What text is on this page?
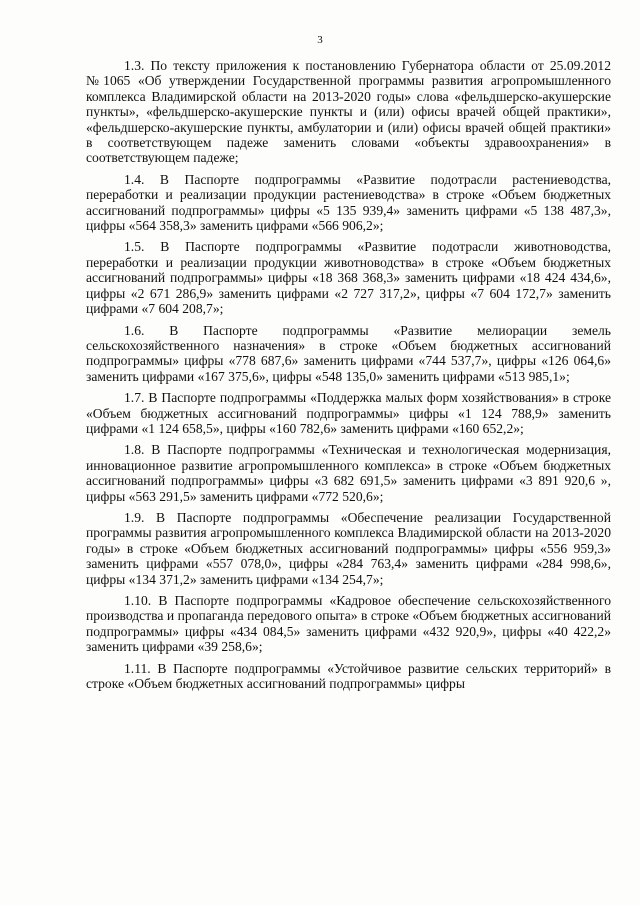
3

1.3. По тексту приложения к постановлению Губернатора области от 25.09.2012 №1065 «Об утверждении Государственной программы развития агропромышленного комплекса Владимирской области на 2013-2020 годы» слова «фельдшерско-акушерские пункты», «фельдшерско-акушерские пункты и (или) офисы врачей общей практики», «фельдшерско-акушерские пункты, амбулатории и (или) офисы врачей общей практики» в соответствующем падеже заменить словами «объекты здравоохранения» в соответствующем падеже;

1.4. В Паспорте подпрограммы «Развитие подотрасли растениеводства, переработки и реализации продукции растениеводства» в строке «Объем бюджетных ассигнований подпрограммы» цифры «5 135 939,4» заменить цифрами «5 138 487,3», цифры «564 358,3» заменить цифрами «566 906,2»;

1.5. В Паспорте подпрограммы «Развитие подотрасли животноводства, переработки и реализации продукции животноводства» в строке «Объем бюджетных ассигнований подпрограммы» цифры «18 368 368,3» заменить цифрами «18 424 434,6», цифры «2 671 286,9» заменить цифрами «2 727 317,2», цифры «7 604 172,7» заменить цифрами «7 604 208,7»;

1.6. В Паспорте подпрограммы «Развитие мелиорации земель сельскохозяйственного назначения» в строке «Объем бюджетных ассигнований подпрограммы» цифры «778 687,6» заменить цифрами «744 537,7», цифры «126 064,6» заменить цифрами «167 375,6», цифры «548 135,0» заменить цифрами «513 985,1»;

1.7. В Паспорте подпрограммы «Поддержка малых форм хозяйствования» в строке «Объем бюджетных ассигнований подпрограммы» цифры «1 124 788,9» заменить цифрами «1 124 658,5», цифры «160 782,6» заменить цифрами «160 652,2»;

1.8. В Паспорте подпрограммы «Техническая и технологическая модернизация, инновационное развитие агропромышленного комплекса» в строке «Объем бюджетных ассигнований подпрограммы» цифры «3 682 691,5» заменить цифрами «3 891 920,6 », цифры «563 291,5» заменить цифрами «772 520,6»;

1.9. В Паспорте подпрограммы «Обеспечение реализации Государственной программы развития агропромышленного комплекса Владимирской области на 2013-2020 годы» в строке «Объем бюджетных ассигнований подпрограммы» цифры «556 959,3» заменить цифрами «557 078,0», цифры «284 763,4» заменить цифрами «284 998,6», цифры «134 371,2» заменить цифрами «134 254,7»;

1.10. В Паспорте подпрограммы «Кадровое обеспечение сельскохозяйственного производства и пропаганда передового опыта» в строке «Объем бюджетных ассигнований подпрограммы» цифры «434 084,5» заменить цифрами «432 920,9», цифры «40 422,2» заменить цифрами «39 258,6»;

1.11. В Паспорте подпрограммы «Устойчивое развитие сельских территорий» в строке «Объем бюджетных ассигнований подпрограммы» цифры
